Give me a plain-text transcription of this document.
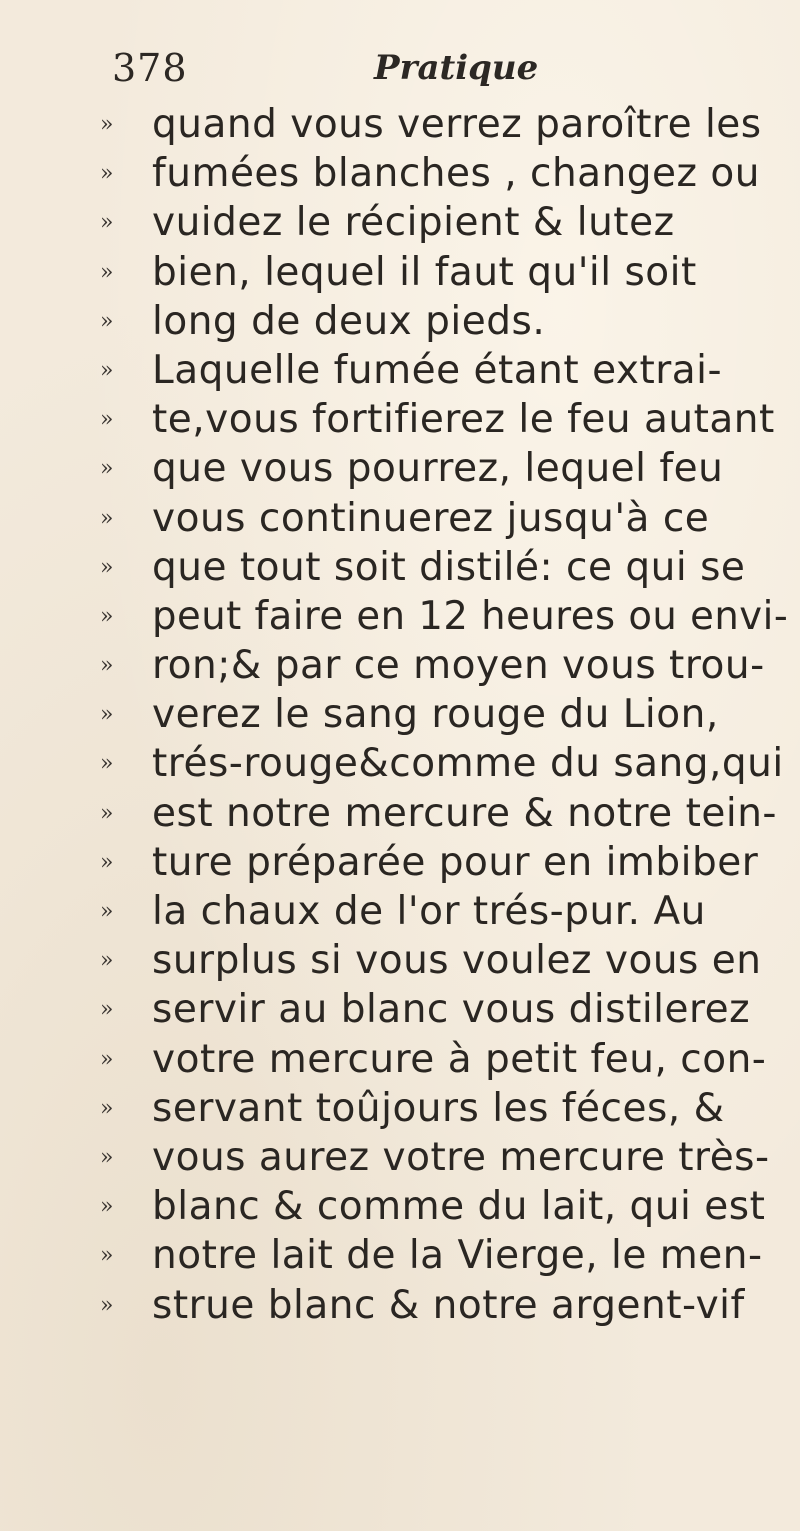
378	Pratique
»	quand vous verrez paroître les
»	fumées blanches , changez ou
»	vuidez le récipient & lutez
»	bien, lequel il faut qu'il soit
»	long de deux pieds.
»	Laquelle fumée étant extrai-
»	te,vous fortifierez le feu autant
»	que vous pourrez, lequel feu
»	vous continuerez jusqu'à ce
»	que tout soit distilé: ce qui se
»	peut faire en 12 heures ou envi-
»	ron;& par ce moyen vous trou-
»	verez le sang rouge du Lion,
»	trés-rouge&comme du sang,qui
»	est notre mercure & notre tein-
»	ture préparée pour en imbiber
»	la chaux de l'or trés-pur. Au
»	surplus si vous voulez vous en
»	servir au blanc vous distilerez
»	votre mercure à petit feu, con-
»	servant toûjours les féces, &
»	vous aurez votre mercure très-
»	blanc & comme du lait, qui est
»	notre lait de la Vierge, le men-
»	strue blanc & notre argent-vif
